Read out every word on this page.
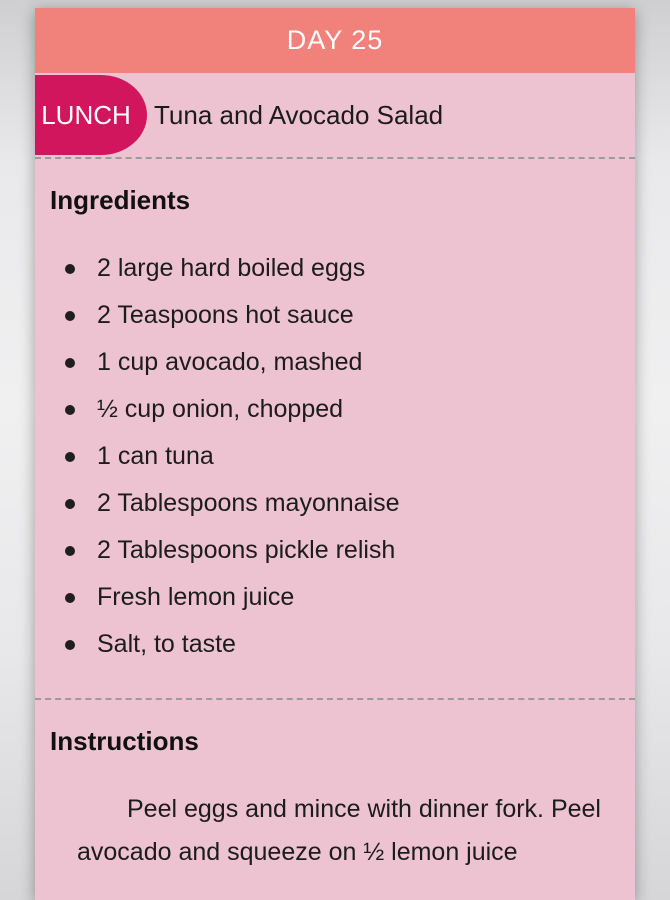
DAY 25
LUNCH Tuna and Avocado Salad
Ingredients
2 large hard boiled eggs
2 Teaspoons hot sauce
1 cup avocado, mashed
½ cup onion, chopped
1 can tuna
2 Tablespoons mayonnaise
2 Tablespoons pickle relish
Fresh lemon juice
Salt, to taste
Instructions

Peel eggs and mince with dinner fork. Peel avocado and squeeze on ½ lemon juice
